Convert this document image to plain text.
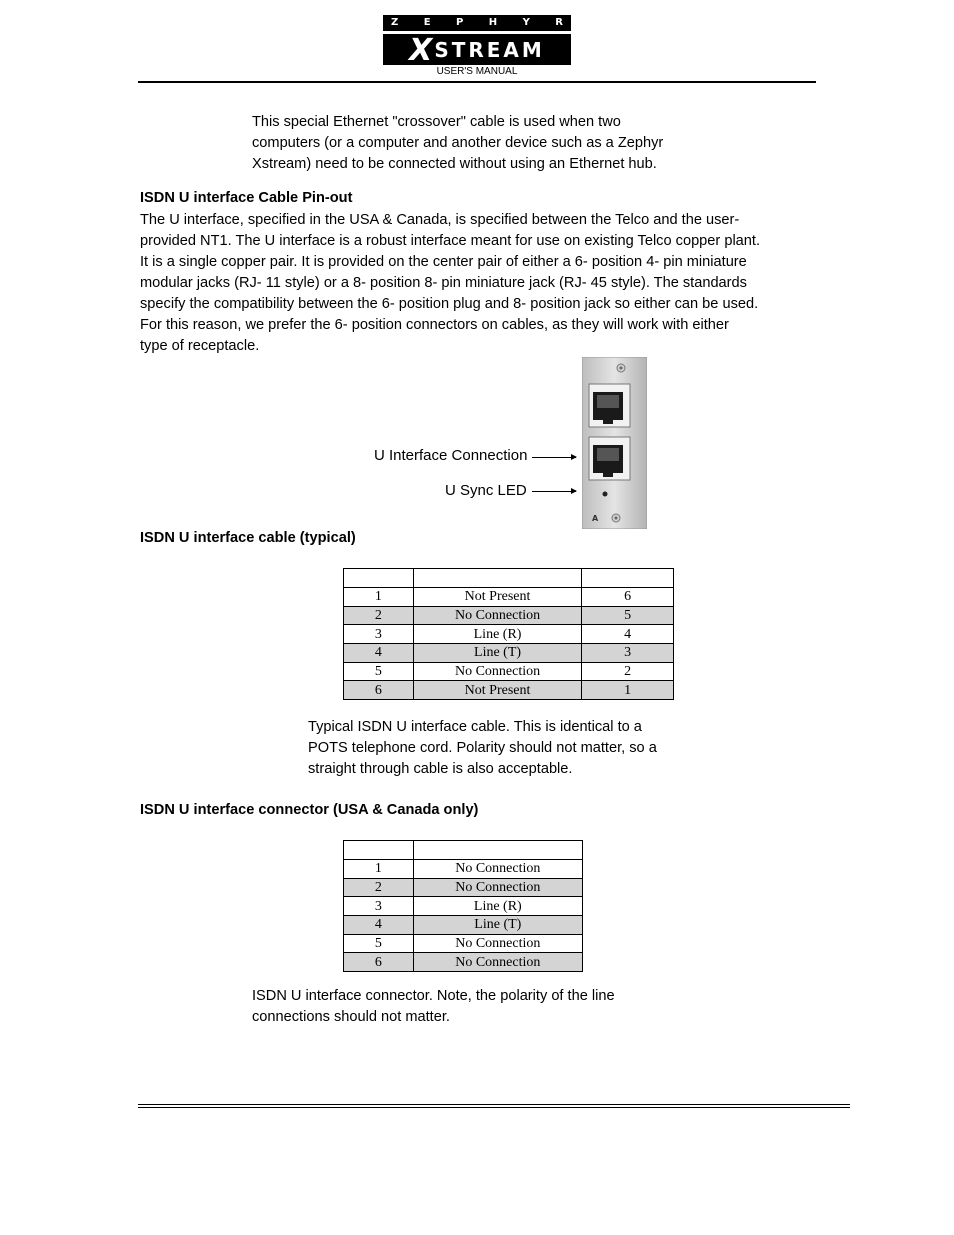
Z	E	P	H	Y	R
X STREAM
USER'S MANUAL
This special Ethernet "crossover" cable is used when two
computers (or a computer and another device such as a Zephyr
Xstream) need to be connected without using an Ethernet hub.
ISDN U interface Cable Pin-out
The U interface, specified in the USA & Canada, is specified between the Telco and the user-
provided NT1. The U interface is a robust interface meant for use on existing Telco copper plant.
It is a single copper pair. It is provided on the center pair of either a 6- position 4- pin miniature
modular jacks (RJ- 11 style) or a 8- position 8- pin miniature jack (RJ- 45 style). The standards
specify the compatibility between the 6- position plug and 8- position jack so either can be used.
For this reason, we prefer the 6- position connectors on cables, as they will work with either
type of receptacle.
U Interface Connection
U Sync LED
A
ISDN U interface cable (typical)

1	Not Present	6
2	No Connection	5
3	Line (R)	4
4	Line (T)	3
5	No Connection	2
6	Not Present	1
Typical ISDN U interface cable. This is identical to a
POTS telephone cord. Polarity should not matter, so a
straight through cable is also acceptable.
ISDN U interface connector (USA & Canada only)

1	No Connection
2	No Connection
3	Line (R)
4	Line (T)
5	No Connection
6	No Connection
ISDN U interface connector. Note, the polarity of the line
connections should not matter.
